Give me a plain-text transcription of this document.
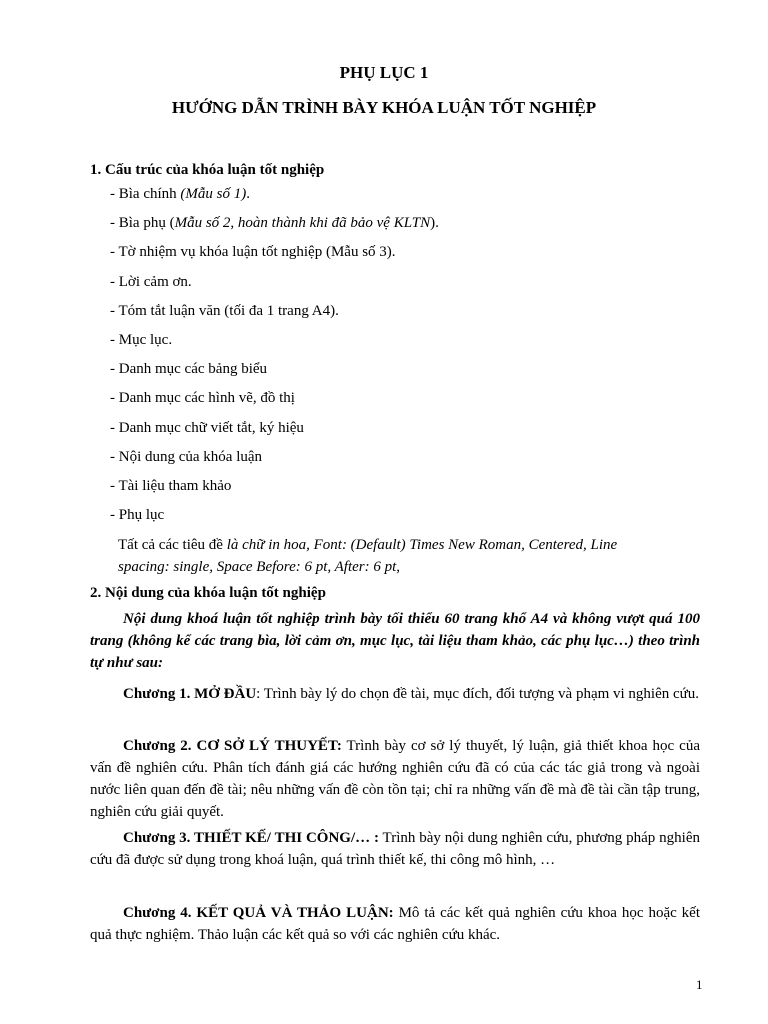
PHỤ LỤC 1

HƯỚNG DẪN TRÌNH BÀY KHÓA LUẬN TỐT NGHIỆP

1. Cấu trúc của khóa luận tốt nghiệp

- Bìa chính (Mẫu số 1).

- Bìa phụ (Mẫu số 2, hoàn thành khi đã bảo vệ KLTN).

- Tờ nhiệm vụ khóa luận tốt nghiệp (Mẫu số 3).

- Lời cảm ơn.

- Tóm tắt luận văn (tối đa 1 trang A4).

- Mục lục.

- Danh mục các bảng biểu

- Danh mục các hình vẽ, đồ thị

- Danh mục chữ viết tắt, ký hiệu

- Nội dung của khóa luận

- Tài liệu tham khảo

- Phụ lục

Tất cả các tiêu đề là chữ in hoa, Font: (Default) Times New Roman, Centered, Line
spacing: single, Space Before: 6 pt, After: 6 pt,

2. Nội dung của khóa luận tốt nghiệp

Nội dung khoá luận tốt nghiệp trình bày tối thiểu 60 trang khổ A4 và không vượt quá 100 trang (không kể các trang bìa, lời cảm ơn, mục lục, tài liệu tham khảo, các phụ lục…) theo trình tự như sau:

Chương 1. MỞ ĐẦU: Trình bày lý do chọn đề tài, mục đích, đối tượng và phạm vi nghiên cứu.

Chương 2. CƠ SỞ LÝ THUYẾT: Trình bày cơ sở lý thuyết, lý luận, giả thiết khoa học của vấn đề nghiên cứu. Phân tích đánh giá các hướng nghiên cứu đã có của các tác giả trong và ngoài nước liên quan đến đề tài; nêu những vấn đề còn tồn tại; chỉ ra những vấn đề mà đề tài cần tập trung, nghiên cứu giải quyết.

Chương 3. THIẾT KẾ/ THI CÔNG/… : Trình bày nội dung nghiên cứu, phương pháp nghiên cứu đã được sử dụng trong khoá luận, quá trình thiết kế, thi công mô hình, …

Chương 4. KẾT QUẢ VÀ THẢO LUẬN: Mô tả các kết quả nghiên cứu khoa học hoặc kết quả thực nghiệm. Thảo luận các kết quả so với các nghiên cứu khác.

1
